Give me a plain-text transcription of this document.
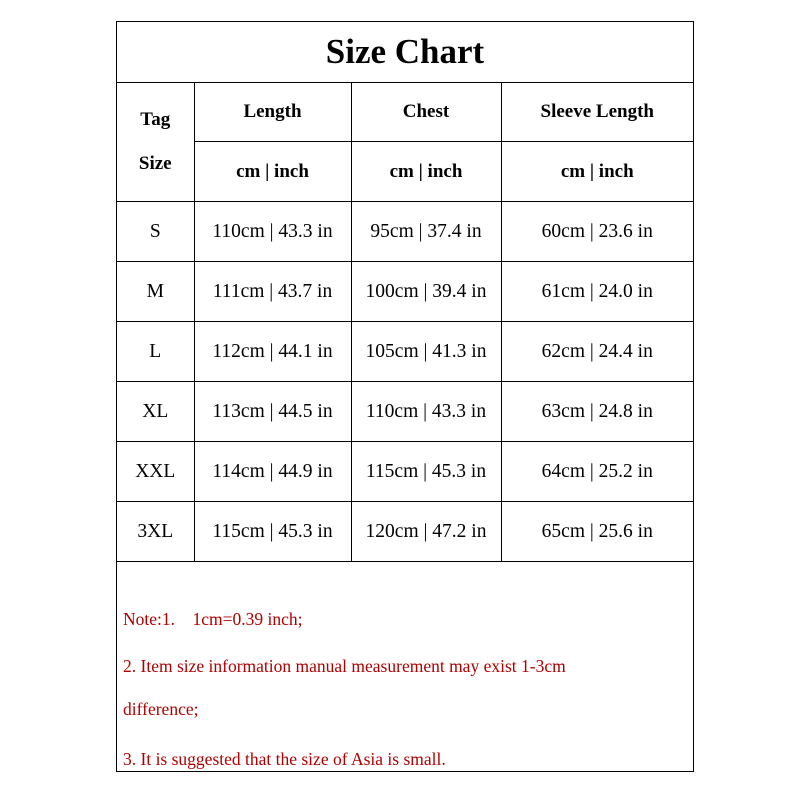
Size Chart
Tag
Size	Length	Chest	Sleeve Length
	cm | inch	cm | inch	cm | inch
S	110cm | 43.3 in	95cm | 37.4 in	60cm | 23.6 in
M	111cm | 43.7 in	100cm | 39.4 in	61cm | 24.0 in
L	112cm | 44.1 in	105cm | 41.3 in	62cm | 24.4 in
XL	113cm | 44.5 in	110cm | 43.3 in	63cm | 24.8 in
XXL	114cm | 44.9 in	115cm | 45.3 in	64cm | 25.2 in
3XL	115cm | 45.3 in	120cm | 47.2 in	65cm | 25.6 in
Note:1.    1cm=0.39 inch;
2. Item size information manual measurement may exist 1-3cm
difference;
3. It is suggested that the size of Asia is small.
